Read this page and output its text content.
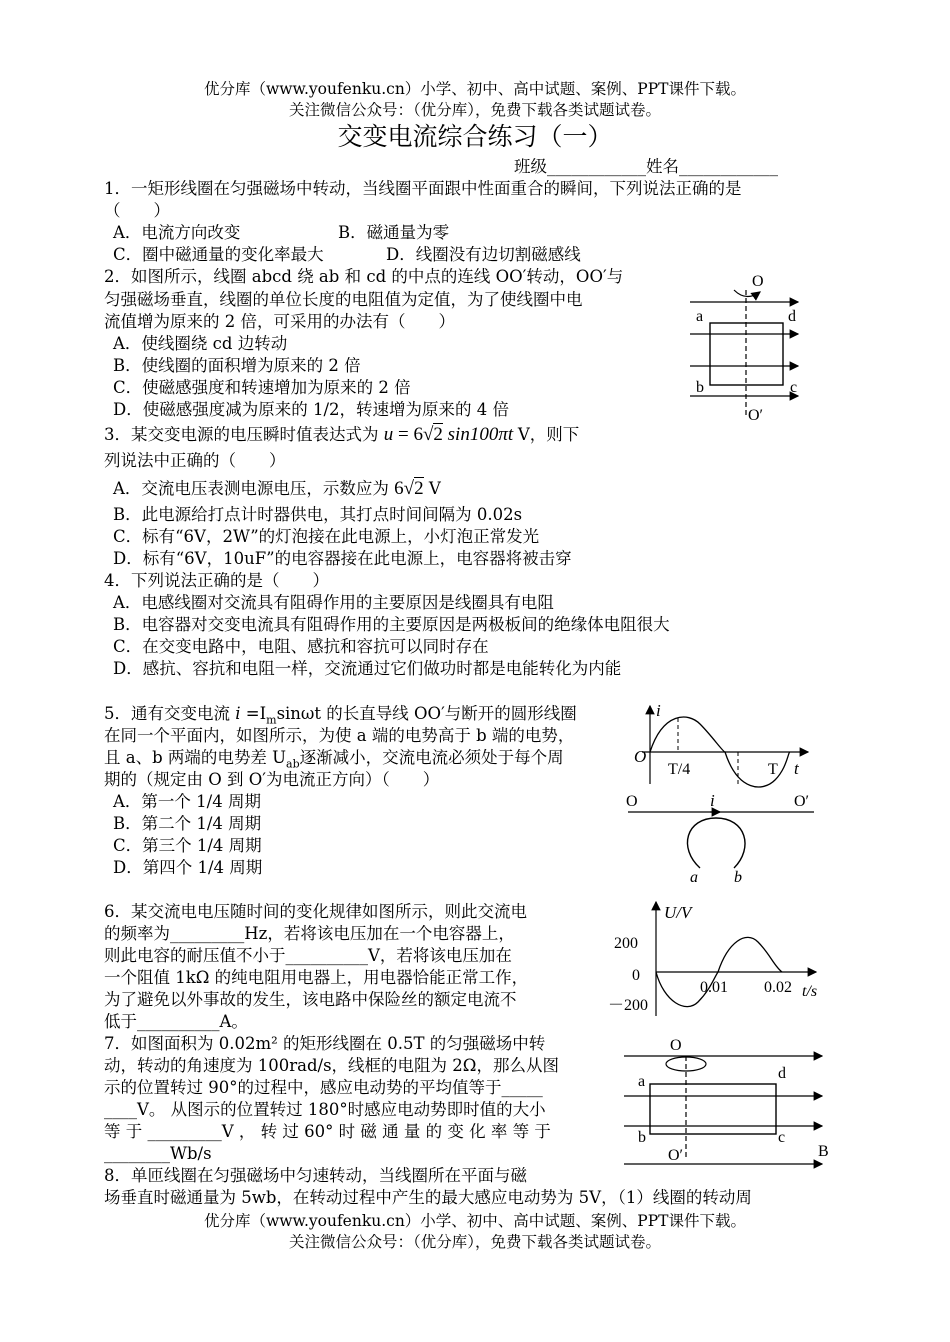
优分库（www.youfenku.cn）小学、初中、高中试题、案例、PPT课件下载。
关注微信公众号：（优分库），免费下载各类试题试卷。
交变电流综合练习（一）
班级____________姓名____________
1．一矩形线圈在匀强磁场中转动，当线圈平面跟中性面重合的瞬间，下列说法正确的是
（　　）
A．电流方向改变	B．磁通量为零
C．圈中磁通量的变化率最大	D．线圈没有边切割磁感线
2．如图所示，线圈 abcd 绕 ab 和 cd 的中点的连线 OO′转动，OO′与
匀强磁场垂直，线圈的单位长度的电阻值为定值，为了使线圈中电
流值增为原来的 2 倍，可采用的办法有（　　）
A．使线圈绕 cd 边转动
B．使线圈的面积增为原来的 2 倍
C．使磁感强度和转速增加为原来的 2 倍
D．使磁感强度减为原来的 1/2，转速增为原来的 4 倍
O
a	d
b	c
O′
3．某交变电源的电压瞬时值表达式为 u = 6√2 sin100πt V，则下
列说法中正确的（　　）
A．交流电压表测电源电压，示数应为 6√2 V
B．此电源给打点计时器供电，其打点时间间隔为 0.02s
C．标有“6V，2W”的灯泡接在此电源上，小灯泡正常发光
D．标有“6V，10uF”的电容器接在此电源上，电容器将被击穿
4．下列说法正确的是（　　）
A．电感线圈对交流具有阻碍作用的主要原因是线圈具有电阻
B．电容器对交变电流具有阻碍作用的主要原因是两极板间的绝缘体电阻很大
C．在交变电路中，电阻、感抗和容抗可以同时存在
D．感抗、容抗和电阻一样，交流通过它们做功时都是电能转化为内能
5．通有交变电流 $i =I_m\sin\omega t$ 的长直导线 OO′与断开的圆形线圈
在同一个平面内，如图所示，为使 a 端的电势高于 b 端的电势，
且 a、b 两端的电势差 $U_{ab}$逐渐减小，交流电流必须处于每个周
期的（规定由 O 到 O′为电流正方向）（　　）
A．第一个 1/4 周期
B．第二个 1/4 周期
C．第三个 1/4 周期
D．第四个 1/4 周期
i
O
T/4	T t
O	i	O′
a b
6．某交流电电压随时间的变化规律如图所示，则此交流电
的频率为_________Hz，若将该电压加在一个电容器上，
则此电容的耐压值不小于__________V，若将该电压加在
一个阻值 1kΩ 的纯电阻用电器上，用电器恰能正常工作，
为了避免以外事故的发生，该电路中保险丝的额定电流不
低于__________A。
U/V
200
0
－200
0.01 0.02 t/s
7．如图面积为 0.02m² 的矩形线圈在 0.5T 的匀强磁场中转
动，转动的角速度为 100rad/s，线框的电阻为 2Ω，那么从图
示的位置转过 90°的过程中，感应电动势的平均值等于_____
____V。 从图示的位置转过 180°时感应电动势即时值的大小
等 于 _________V ， 转 过 60° 时 磁 通 量 的 变 化 率 等 于
________Wb/s
O
a	d
b	c
O′	B
8．单匝线圈在匀强磁场中匀速转动，当线圈所在平面与磁
场垂直时磁通量为 5wb，在转动过程中产生的最大感应电动势为 5V，（1）线圈的转动周
优分库（www.youfenku.cn）小学、初中、高中试题、案例、PPT课件下载。
关注微信公众号：（优分库），免费下载各类试题试卷。
